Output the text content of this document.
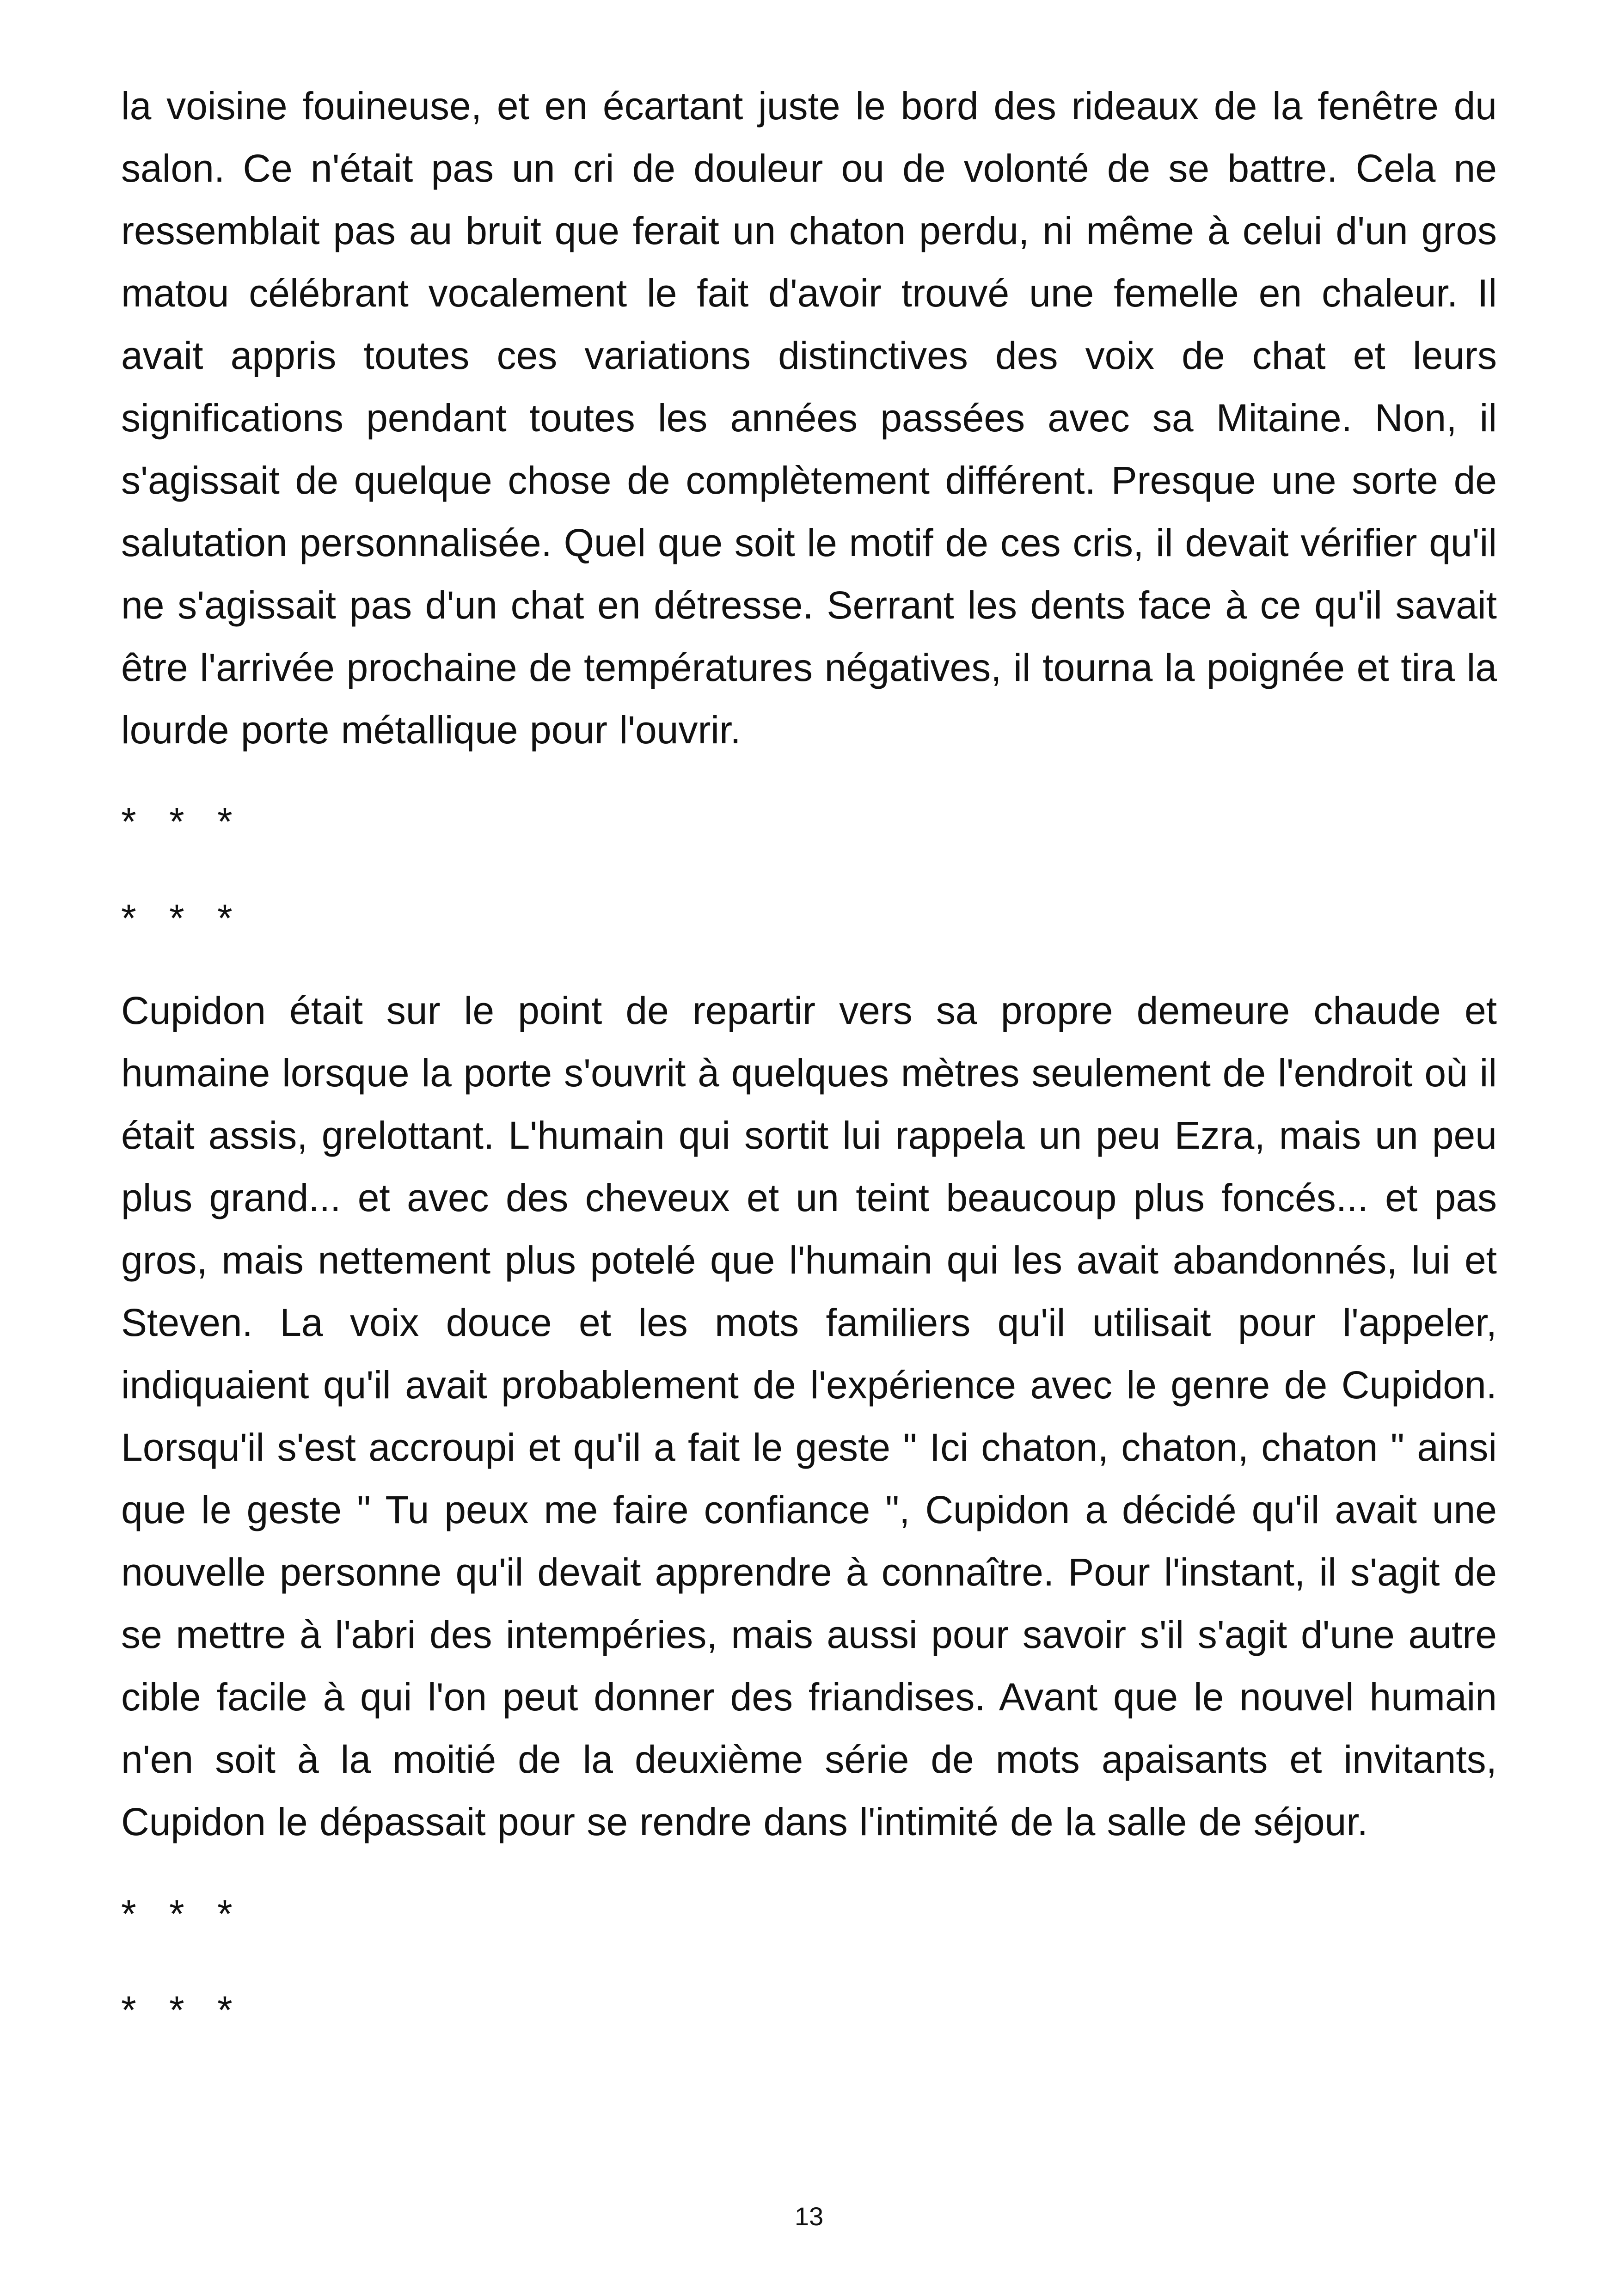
la voisine fouineuse, et en écartant juste le bord des rideaux de la fenêtre du salon. Ce n'était pas un cri de douleur ou de volonté de se battre. Cela ne ressemblait pas au bruit que ferait un chaton perdu, ni même à celui d'un gros matou célébrant vocalement le fait d'avoir trouvé une femelle en chaleur. Il avait appris toutes ces variations distinctives des voix de chat et leurs significations pendant toutes les années passées avec sa Mitaine. Non, il s'agissait de quelque chose de complètement différent. Presque une sorte de salutation personnalisée. Quel que soit le motif de ces cris, il devait vérifier qu'il ne s'agissait pas d'un chat en détresse. Serrant les dents face à ce qu'il savait être l'arrivée prochaine de températures négatives, il tourna la poignée et tira la lourde porte métallique pour l'ouvrir.

* * *

* * *

Cupidon était sur le point de repartir vers sa propre demeure chaude et humaine lorsque la porte s'ouvrit à quelques mètres seulement de l'endroit où il était assis, grelottant. L'humain qui sortit lui rappela un peu Ezra, mais un peu plus grand... et avec des cheveux et un teint beaucoup plus foncés... et pas gros, mais nettement plus potelé que l'humain qui les avait abandonnés, lui et Steven. La voix douce et les mots familiers qu'il utilisait pour l'appeler, indiquaient qu'il avait probablement de l'expérience avec le genre de Cupidon. Lorsqu'il s'est accroupi et qu'il a fait le geste " Ici chaton, chaton, chaton " ainsi que le geste " Tu peux me faire confiance ", Cupidon a décidé qu'il avait une nouvelle personne qu'il devait apprendre à connaître. Pour l'instant, il s'agit de se mettre à l'abri des intempéries, mais aussi pour savoir s'il s'agit d'une autre cible facile à qui l'on peut donner des friandises. Avant que le nouvel humain n'en soit à la moitié de la deuxième série de mots apaisants et invitants, Cupidon le dépassait pour se rendre dans l'intimité de la salle de séjour.

* * *

* * *

13
